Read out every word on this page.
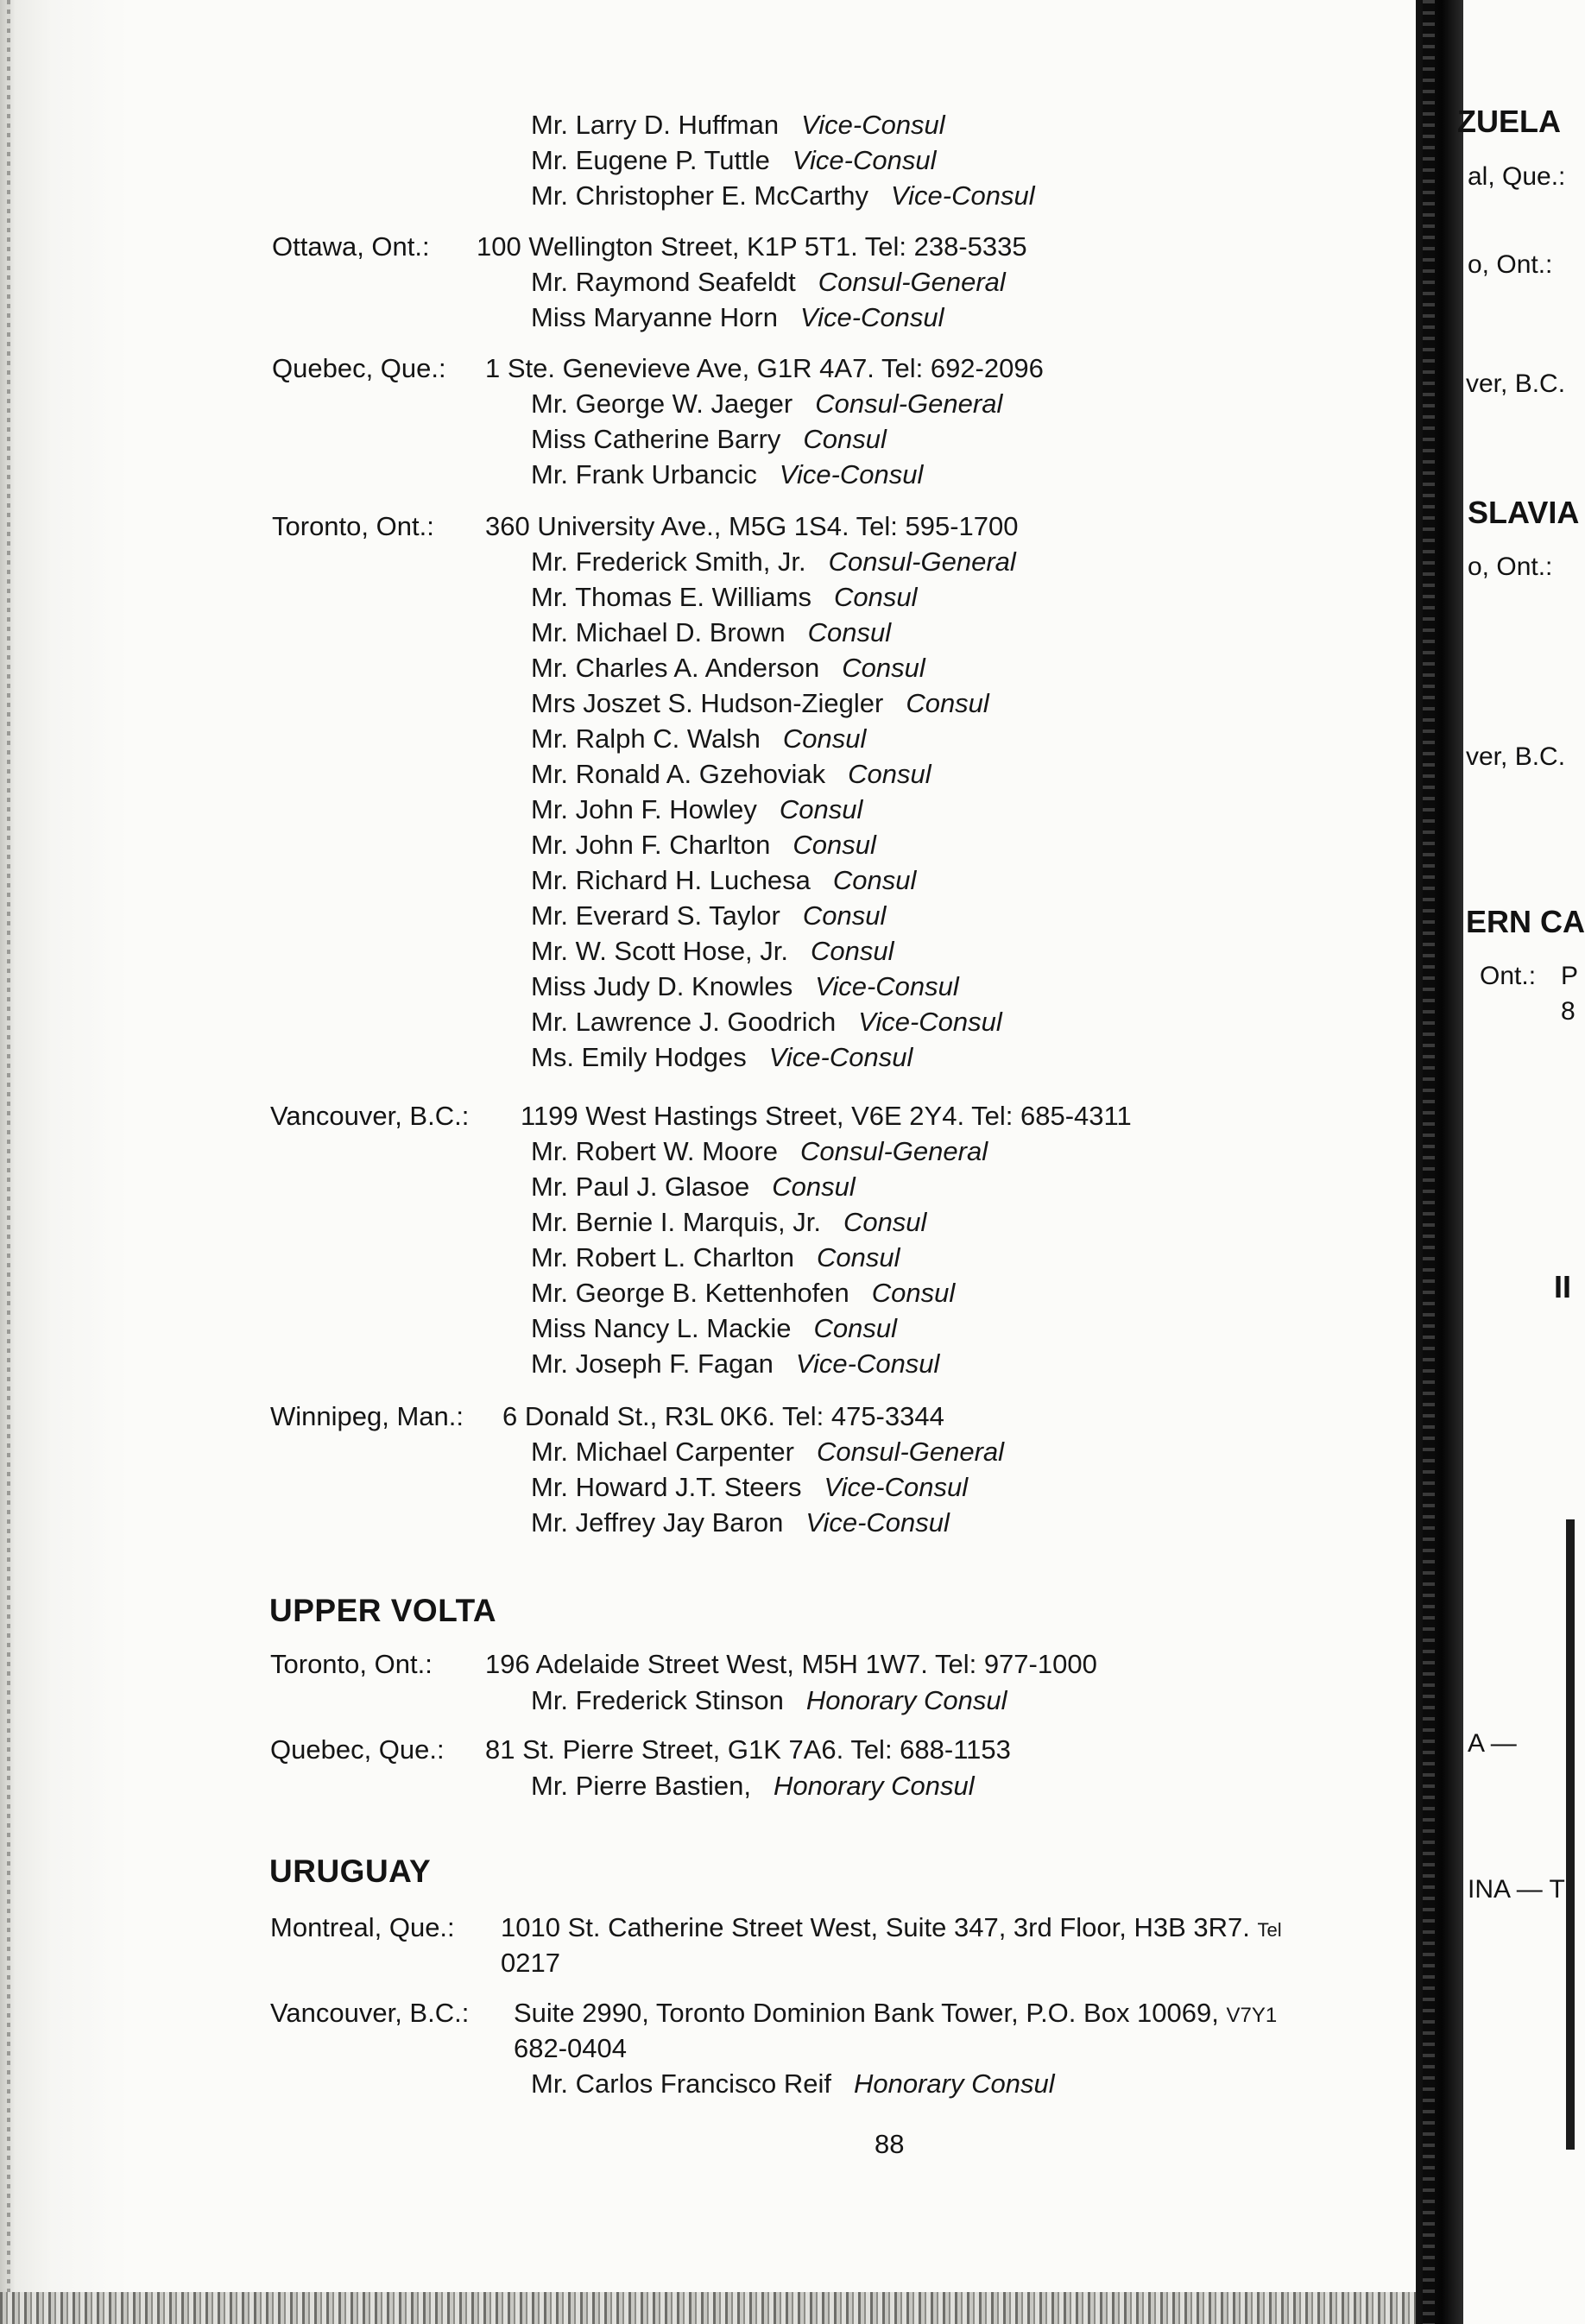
Mr. Larry D. Huffman Vice-Consul
Mr. Eugene P. Tuttle Vice-Consul
Mr. Christopher E. McCarthy Vice-Consul
Ottawa, Ont.: 100 Wellington Street, K1P 5T1. Tel: 238-5335
Mr. Raymond Seafeldt Consul-General
Miss Maryanne Horn Vice-Consul
Quebec, Que.: 1 Ste. Genevieve Ave, G1R 4A7. Tel: 692-2096
Mr. George W. Jaeger Consul-General
Miss Catherine Barry Consul
Mr. Frank Urbancic Vice-Consul
Toronto, Ont.: 360 University Ave., M5G 1S4. Tel: 595-1700
Mr. Frederick Smith, Jr. Consul-General
Mr. Thomas E. Williams Consul
Mr. Michael D. Brown Consul
Mr. Charles A. Anderson Consul
Mrs Joszet S. Hudson-Ziegler Consul
Mr. Ralph C. Walsh Consul
Mr. Ronald A. Gzehoviak Consul
Mr. John F. Howley Consul
Mr. John F. Charlton Consul
Mr. Richard H. Luchesa Consul
Mr. Everard S. Taylor Consul
Mr. W. Scott Hose, Jr. Consul
Miss Judy D. Knowles Vice-Consul
Mr. Lawrence J. Goodrich Vice-Consul
Ms. Emily Hodges Vice-Consul
Vancouver, B.C.: 1199 West Hastings Street, V6E 2Y4. Tel: 685-4311
Mr. Robert W. Moore Consul-General
Mr. Paul J. Glasoe Consul
Mr. Bernie I. Marquis, Jr. Consul
Mr. Robert L. Charlton Consul
Mr. George B. Kettenhofen Consul
Miss Nancy L. Mackie Consul
Mr. Joseph F. Fagan Vice-Consul
Winnipeg, Man.: 6 Donald St., R3L 0K6. Tel: 475-3344
Mr. Michael Carpenter Consul-General
Mr. Howard J.T. Steers Vice-Consul
Mr. Jeffrey Jay Baron Vice-Consul
UPPER VOLTA
Toronto, Ont.: 196 Adelaide Street West, M5H 1W7. Tel: 977-1000
Mr. Frederick Stinson Honorary Consul
Quebec, Que.: 81 St. Pierre Street, G1K 7A6. Tel: 688-1153
Mr. Pierre Bastien, Honorary Consul
URUGUAY
Montreal, Que.: 1010 St. Catherine Street West, Suite 347, 3rd Floor, H3B 3R7. Tel
0217
Vancouver, B.C.: Suite 2990, Toronto Dominion Bank Tower, P.O. Box 10069, V7Y1
682-0404
Mr. Carlos Francisco Reif Honorary Consul
88
ZUELA
al, Que.:
o, Ont.:
ver, B.C.
SLAVIA
o, Ont.:
ver, B.C.
ERN CA
Ont.: P
8
II
A —
INA — T
